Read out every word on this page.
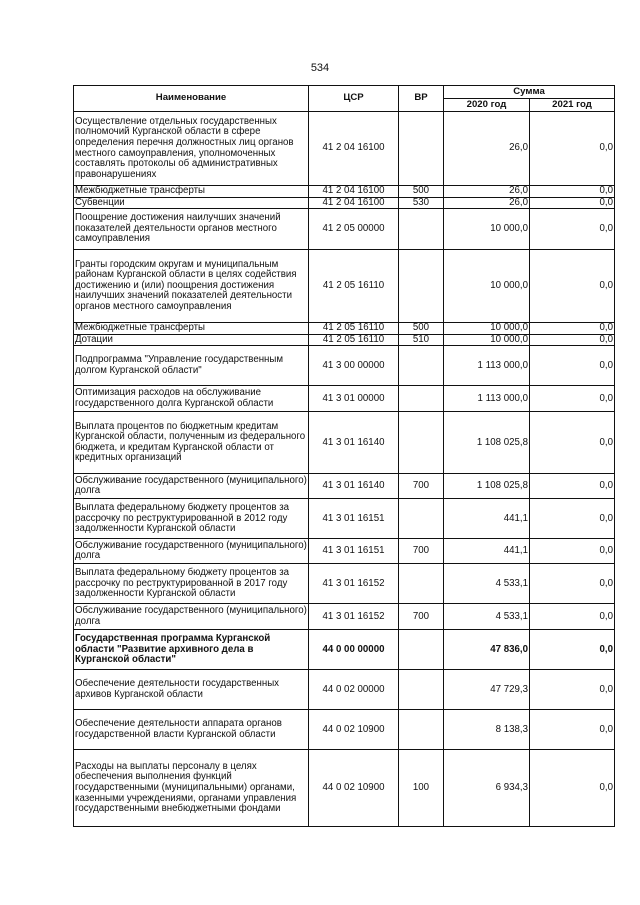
534
Наименование	ЦСР	ВР	Сумма	
			2020 год	2021 год
Осуществление отдельных государственных полномочий Курганской области в сфере определения перечня должностных лиц органов местного самоуправления, уполномоченных составлять протоколы об административных правонарушениях	41 2 04 16100		26,0	0,0
Межбюджетные трансферты	41 2 04 16100	500	26,0	0,0
Субвенции	41 2 04 16100	530	26,0	0,0
Поощрение достижения наилучших значений показателей деятельности органов местного самоуправления	41 2 05 00000		10 000,0	0,0
Гранты городским округам и муниципальным районам Курганской области в целях содействия достижению и (или) поощрения достижения наилучших значений показателей деятельности органов местного самоуправления	41 2 05 16110		10 000,0	0,0
Межбюджетные трансферты	41 2 05 16110	500	10 000,0	0,0
Дотации	41 2 05 16110	510	10 000,0	0,0
Подпрограмма "Управление государственным долгом Курганской области"	41 3 00 00000		1 113 000,0	0,0
Оптимизация расходов на обслуживание государственного долга Курганской области	41 3 01 00000		1 113 000,0	0,0
Выплата процентов по бюджетным кредитам Курганской области, полученным из федерального бюджета, и кредитам Курганской области от кредитных организаций	41 3 01 16140		1 108 025,8	0,0
Обслуживание государственного (муниципального) долга	41 3 01 16140	700	1 108 025,8	0,0
Выплата федеральному бюджету процентов за рассрочку по реструктурированной в 2012 году задолженности Курганской области	41 3 01 16151		441,1	0,0
Обслуживание государственного (муниципального) долга	41 3 01 16151	700	441,1	0,0
Выплата федеральному бюджету процентов за рассрочку по реструктурированной в 2017 году задолженности Курганской области	41 3 01 16152		4 533,1	0,0
Обслуживание государственного (муниципального) долга	41 3 01 16152	700	4 533,1	0,0
Государственная программа Курганской области "Развитие архивного дела в Курганской области"	44 0 00 00000		47 836,0	0,0
Обеспечение деятельности государственных архивов Курганской области	44 0 02 00000		47 729,3	0,0
Обеспечение деятельности аппарата органов государственной власти Курганской области	44 0 02 10900		8 138,3	0,0
Расходы на выплаты персоналу в целях обеспечения выполнения функций государственными (муниципальными) органами, казенными учреждениями, органами управления государственными внебюджетными фондами	44 0 02 10900	100	6 934,3	0,0
